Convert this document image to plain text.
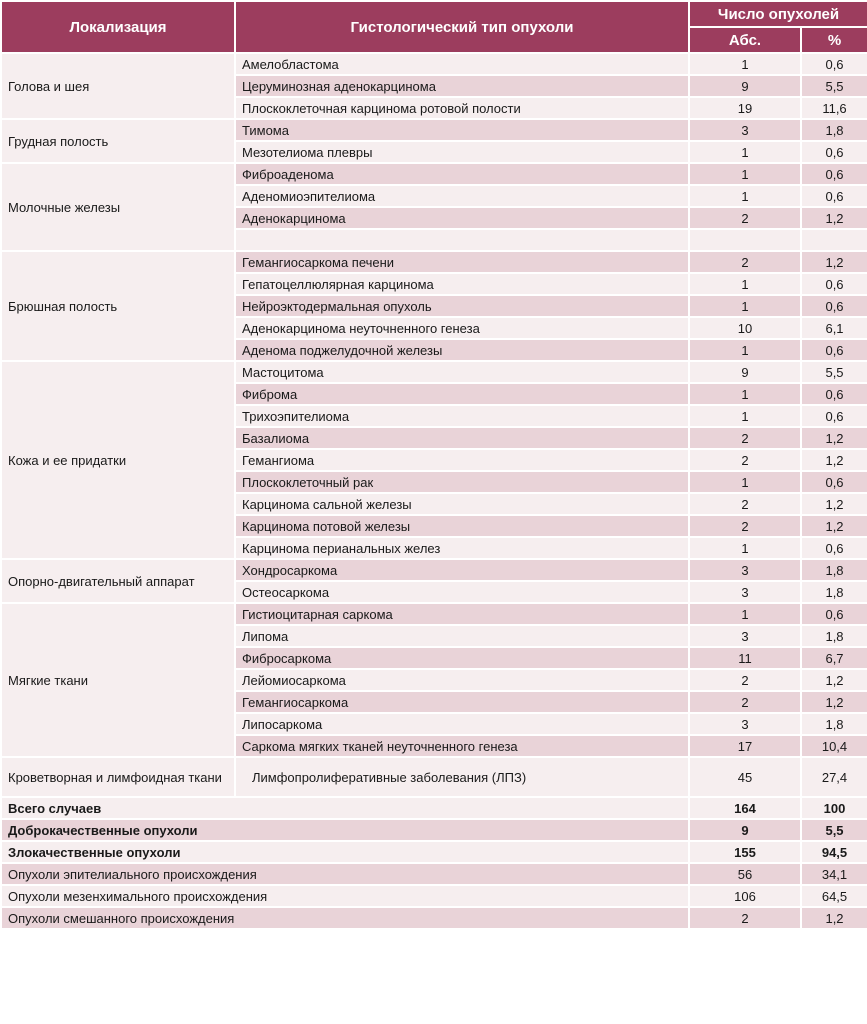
Локализация	Гистологический тип опухоли	Число опухолей	
		Абс.	%
Голова и шея	Амелобластома	1	0,6
	Церуминозная аденокарцинома	9	5,5
	Плоскоклеточная карцинома ротовой полости	19	11,6
Грудная полость	Тимома	3	1,8
	Мезотелиома плевры	1	0,6
Молочные железы	Фиброаденома	1	0,6
	Аденомиоэпителиома	1	0,6
	Аденокарцинома	2	1,2

Брюшная полость	Гемангиосаркома печени	2	1,2
	Гепатоцеллюлярная карцинома	1	0,6
	Нейроэктодермальная опухоль	1	0,6
	Аденокарцинома неуточненного генеза	10	6,1
	Аденома поджелудочной железы	1	0,6
Кожа и ее придатки	Мастоцитома	9	5,5
	Фиброма	1	0,6
	Трихоэпителиома	1	0,6
	Базалиома	2	1,2
	Гемангиома	2	1,2
	Плоскоклеточный рак	1	0,6
	Карцинома сальной железы	2	1,2
	Карцинома потовой железы	2	1,2
	Карцинома перианальных желез	1	0,6
Опорно-двигательный аппарат	Хондросаркома	3	1,8
	Остеосаркома	3	1,8
Мягкие ткани	Гистиоцитарная саркома	1	0,6
	Липома	3	1,8
	Фибросаркома	11	6,7
	Лейомиосаркома	2	1,2
	Гемангиосаркома	2	1,2
	Липосаркома	3	1,8
	Саркома мягких тканей неуточненного генеза	17	10,4
Кроветворная и лимфоидная ткани	Лимфопролиферативные заболевания (ЛПЗ)	45	27,4
Всего случаев		164	100
Доброкачественные опухоли		9	5,5
Злокачественные опухоли		155	94,5
Опухоли эпителиального происхождения		56	34,1
Опухоли мезенхимального происхождения		106	64,5
Опухоли смешанного происхождения		2	1,2
